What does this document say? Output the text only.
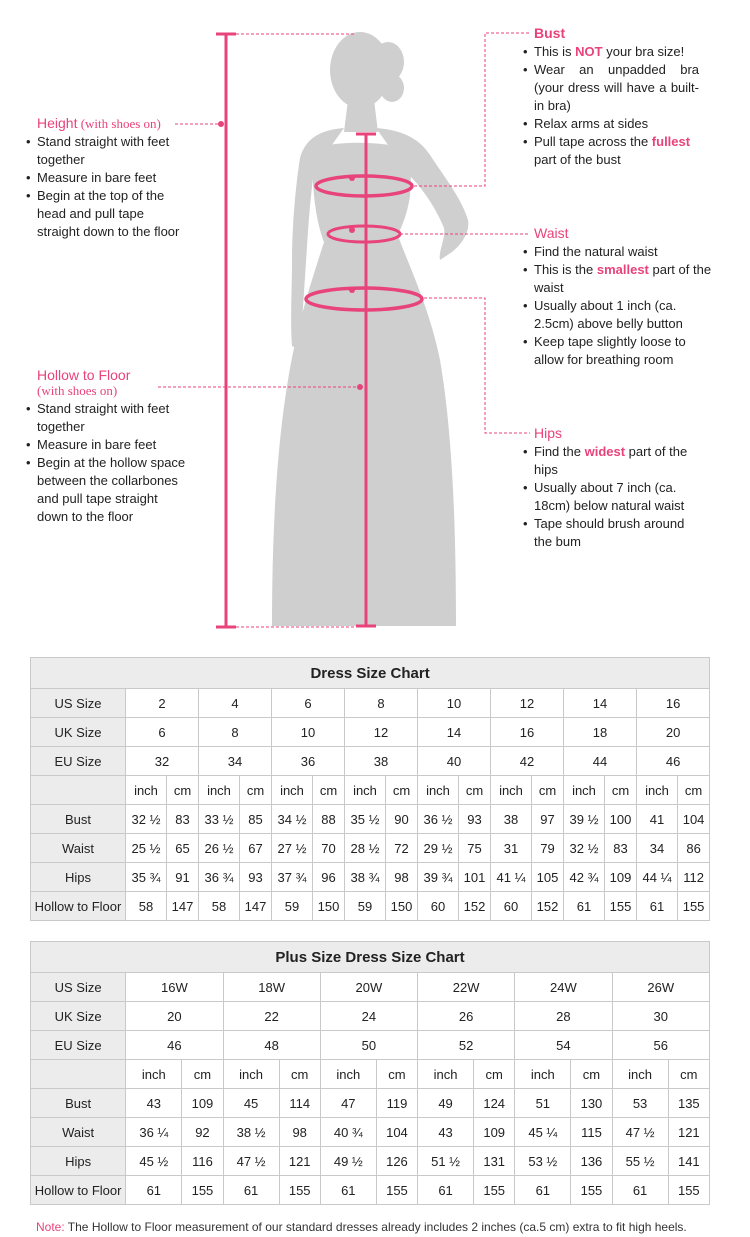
Height (with shoes on)
• Stand straight with feet together
• Measure in bare feet
• Begin at the top of the head and pull tape straight down to the floor
Hollow to Floor
(with shoes on)
• Stand straight with feet together
• Measure in bare feet
• Begin at the hollow space between the collarbones and pull tape straight down to the floor
Bust
• This is NOT your bra size!
• Wear an unpadded bra (your dress will have a built-in bra)
• Relax arms at sides
• Pull tape across the fullest part of the bust
Waist
• Find the natural waist
• This is the smallest part of the waist
• Usually about 1 inch (ca. 2.5cm) above belly button
• Keep tape slightly loose to allow for breathing room
Hips
• Find the widest part of the hips
• Usually about 7 inch (ca. 18cm) below natural waist
• Tape should brush around the bum
Dress Size Chart																
US Size	2		4		6		8		10		12		14		16	
UK Size	6		8		10		12		14		16		18		20	
EU Size	32		34		36		38		40		42		44		46	
	inch	cm	inch	cm	inch	cm	inch	cm	inch	cm	inch	cm	inch	cm	inch	cm
Bust	32 ½	83	33 ½	85	34 ½	88	35 ½	90	36 ½	93	38	97	39 ½	100	41	104
Waist	25 ½	65	26 ½	67	27 ½	70	28 ½	72	29 ½	75	31	79	32 ½	83	34	86
Hips	35 ¾	91	36 ¾	93	37 ¾	96	38 ¾	98	39 ¾	101	41 ¼	105	42 ¾	109	44 ¼	112
Hollow to Floor	58	147	58	147	59	150	59	150	60	152	60	152	61	155	61	155
Plus Size Dress Size Chart												
US Size	16W		18W		20W		22W		24W		26W	
UK Size	20		22		24		26		28		30	
EU Size	46		48		50		52		54		56	
	inch	cm	inch	cm	inch	cm	inch	cm	inch	cm	inch	cm
Bust	43	109	45	114	47	119	49	124	51	130	53	135
Waist	36 ¼	92	38 ½	98	40 ¾	104	43	109	45 ¼	115	47 ½	121
Hips	45 ½	116	47 ½	121	49 ½	126	51 ½	131	53 ½	136	55 ½	141
Hollow to Floor	61	155	61	155	61	155	61	155	61	155	61	155
Note: The Hollow to Floor measurement of our standard dresses already includes 2 inches (ca.5 cm) extra to fit high heels.
